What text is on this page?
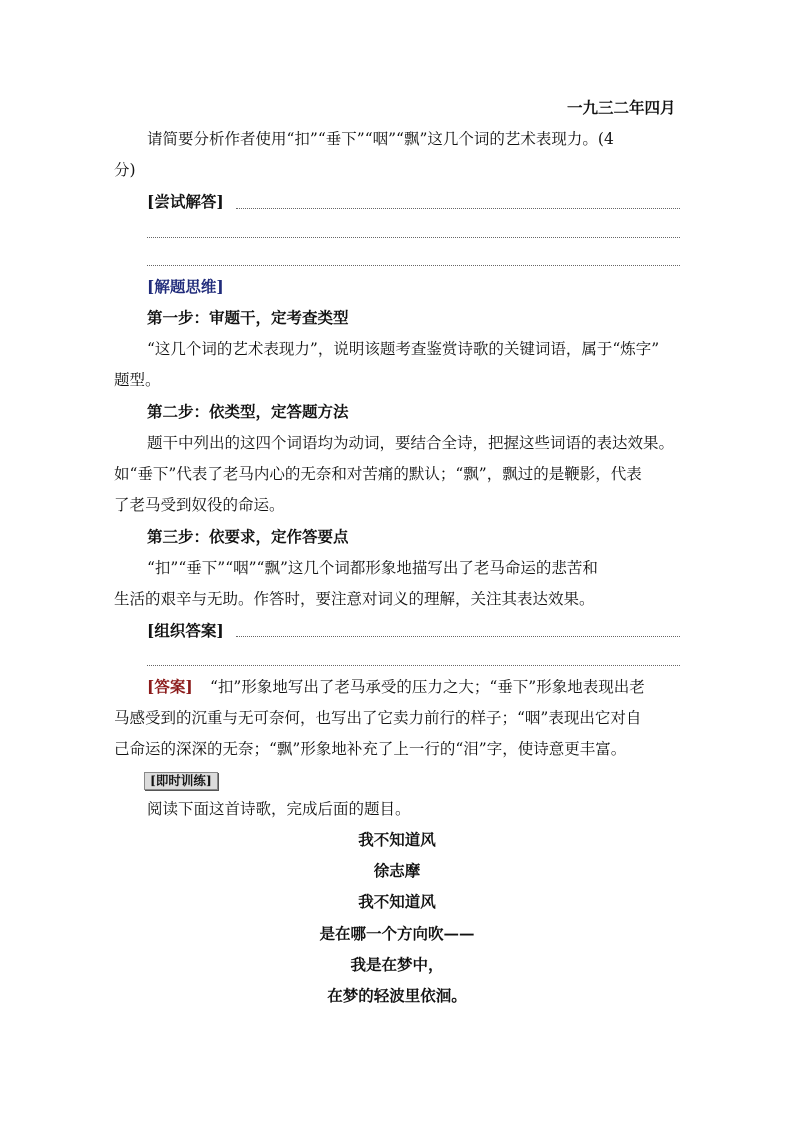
一九三二年四月
请简要分析作者使用“扣”“垂下”“咽”“飘”这几个词的艺术表现力。(4
分)
[尝试解答]
[解题思维]
第一步：审题干，定考查类型
“这几个词的艺术表现力”，说明该题考查鉴赏诗歌的关键词语，属于“炼字”
题型。
第二步：依类型，定答题方法
题干中列出的这四个词语均为动词，要结合全诗，把握这些词语的表达效果。
如“垂下”代表了老马内心的无奈和对苦痛的默认；“飘”，飘过的是鞭影，代表
了老马受到奴役的命运。
第三步：依要求，定作答要点
“扣”“垂下”“咽”“飘”这几个词都形象地描写出了老马命运的悲苦和
生活的艰辛与无助。作答时，要注意对词义的理解，关注其表达效果。
[组织答案]
[答案] “扣”形象地写出了老马承受的压力之大；“垂下”形象地表现出老
马感受到的沉重与无可奈何，也写出了它卖力前行的样子；“咽”表现出它对自
己命运的深深的无奈；“飘”形象地补充了上一行的“泪”字，使诗意更丰富。
[即时训练]
阅读下面这首诗歌，完成后面的题目。
我不知道风
徐志摩
我不知道风
是在哪一个方向吹——
我是在梦中，
在梦的轻波里依洄。
